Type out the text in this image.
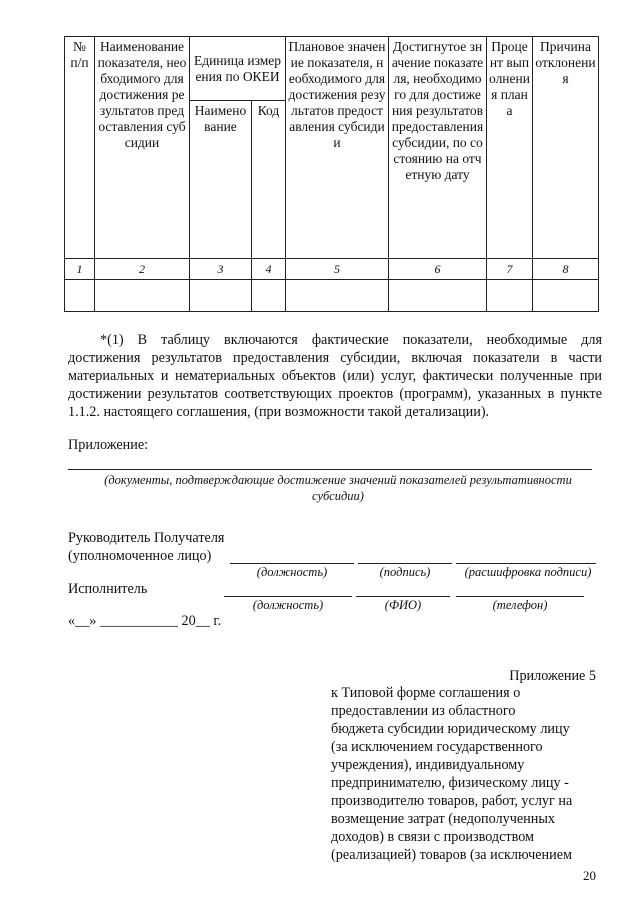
№ п/п	Наименование показателя, необходимого для достижения результатов предоставления субсидии	Единица измерения по ОКЕИ		Плановое значение показателя, необходимого для достижения результатов предоставления субсидии	Достигнутое значение показателя, необходимого для достижения результатов предоставления субсидии, по состоянию на отчетную дату	Процент выполнения плана	Причина отклонения
		Наименование	Код				
1	2	3	4	5	6	7	8

*(1) В таблицу включаются фактические показатели, необходимые для достижения результатов предоставления субсидии, включая показатели в части материальных и нематериальных объектов (или) услуг, фактически полученные при достижении результатов соответствующих проектов (программ), указанных в пункте 1.1.2. настоящего соглашения, (при возможности такой детализации).
Приложение:
(документы, подтверждающие достижение значений показателей результативности субсидии)
Руководитель Получателя
(уполномоченное лицо)
(должность)	(подпись)	(расшифровка подписи)
Исполнитель
(должность)	(ФИО)	(телефон)
«__» ___________ 20__ г.
Приложение 5
к Типовой форме соглашения о
предоставлении из областного
бюджета субсидии юридическому лицу
(за исключением государственного
учреждения), индивидуальному
предпринимателю, физическому лицу -
производителю товаров, работ, услуг на
возмещение затрат (недополученных
доходов) в связи с производством
(реализацией) товаров (за исключением
20
